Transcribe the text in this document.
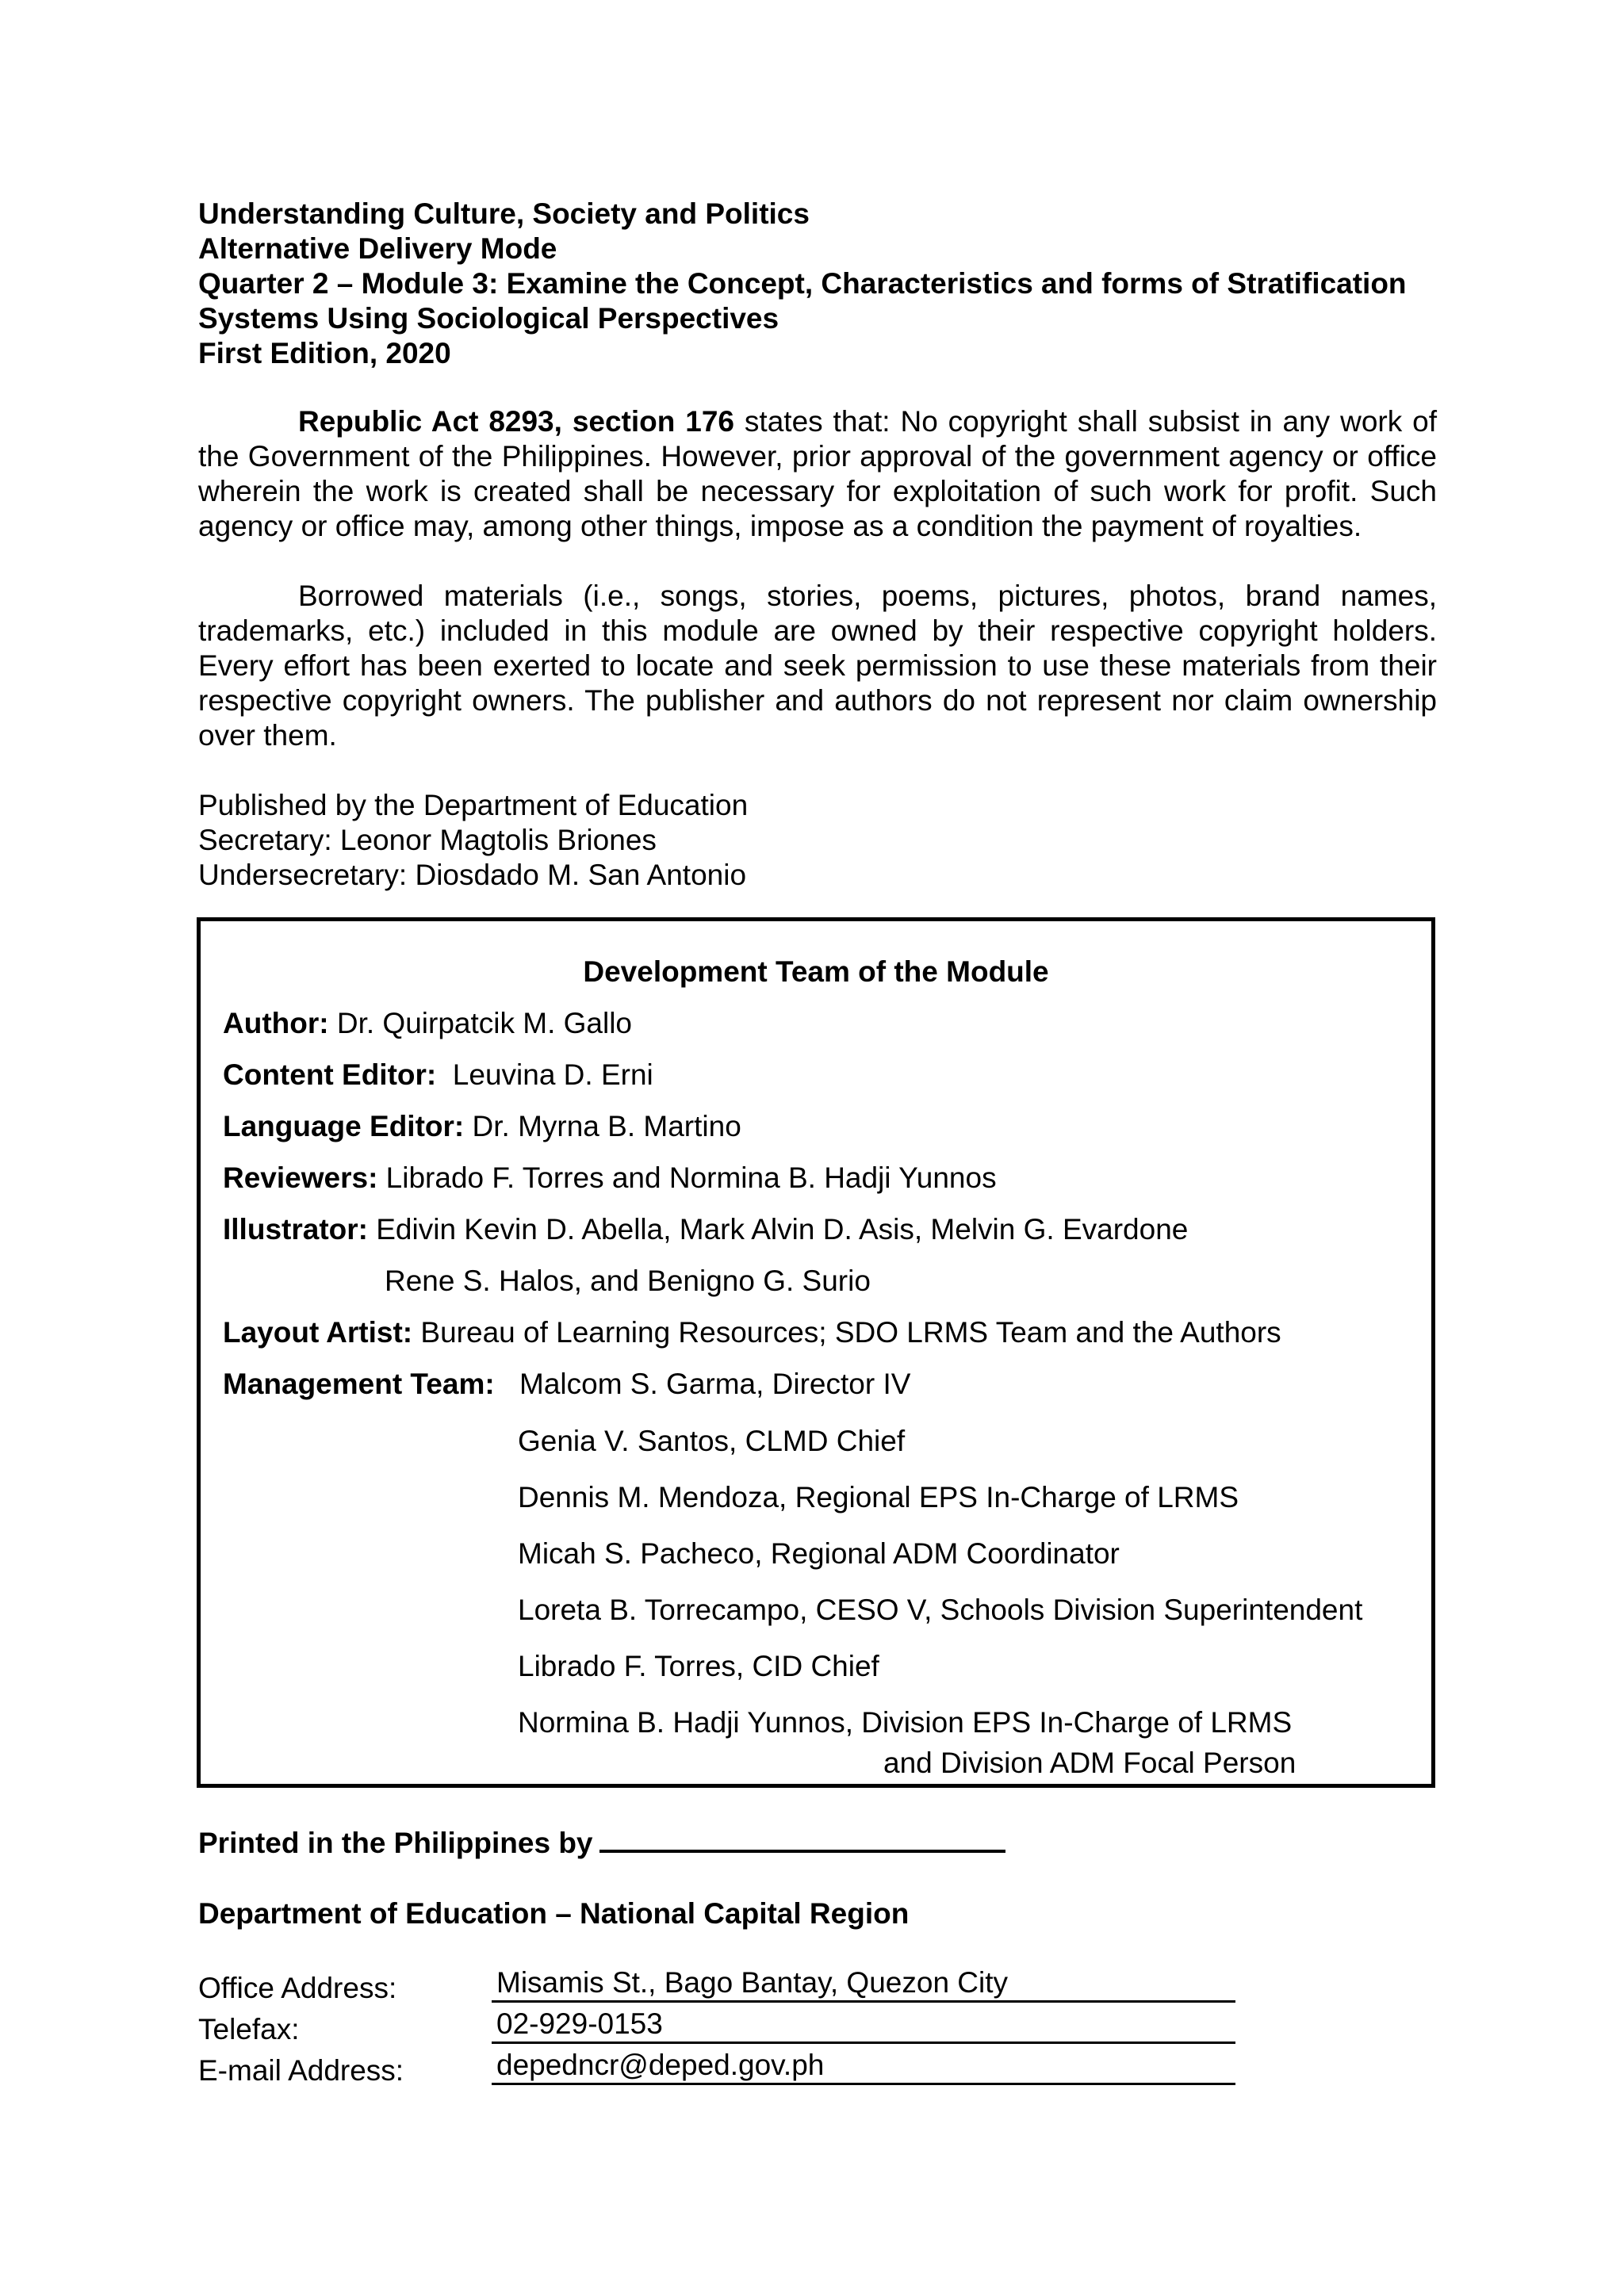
Understanding Culture, Society and Politics
Alternative Delivery Mode
Quarter 2 – Module 3: Examine the Concept, Characteristics and forms of Stratification
Systems Using Sociological Perspectives
First Edition, 2020
Republic Act 8293, section 176 states that: No copyright shall subsist in any work of the Government of the Philippines. However, prior approval of the government agency or office wherein the work is created shall be necessary for exploitation of such work for profit. Such agency or office may, among other things, impose as a condition the payment of royalties.
Borrowed materials (i.e., songs, stories, poems, pictures, photos, brand names, trademarks, etc.) included in this module are owned by their respective copyright holders. Every effort has been exerted to locate and seek permission to use these materials from their respective copyright owners. The publisher and authors do not represent nor claim ownership over them.
Published by the Department of Education
Secretary: Leonor Magtolis Briones
Undersecretary: Diosdado M. San Antonio
Development Team of the Module
Author: Dr. Quirpatcik M. Gallo
Content Editor: Leuvina D. Erni
Language Editor: Dr. Myrna B. Martino
Reviewers: Librado F. Torres and Normina B. Hadji Yunnos
Illustrator: Edivin Kevin D. Abella, Mark Alvin D. Asis, Melvin G. Evardone
Rene S. Halos, and Benigno G. Surio
Layout Artist: Bureau of Learning Resources; SDO LRMS Team and the Authors
Management Team: Malcom S. Garma, Director IV
Genia V. Santos, CLMD Chief
Dennis M. Mendoza, Regional EPS In-Charge of LRMS
Micah S. Pacheco, Regional ADM Coordinator
Loreta B. Torrecampo, CESO V, Schools Division Superintendent
Librado F. Torres, CID Chief
Normina B. Hadji Yunnos, Division EPS In-Charge of LRMS
and Division ADM Focal Person
Printed in the Philippines by
Department of Education – National Capital Region
Office Address:	Misamis St., Bago Bantay, Quezon City
Telefax:	02-929-0153
E-mail Address:	depedncr@deped.gov.ph
